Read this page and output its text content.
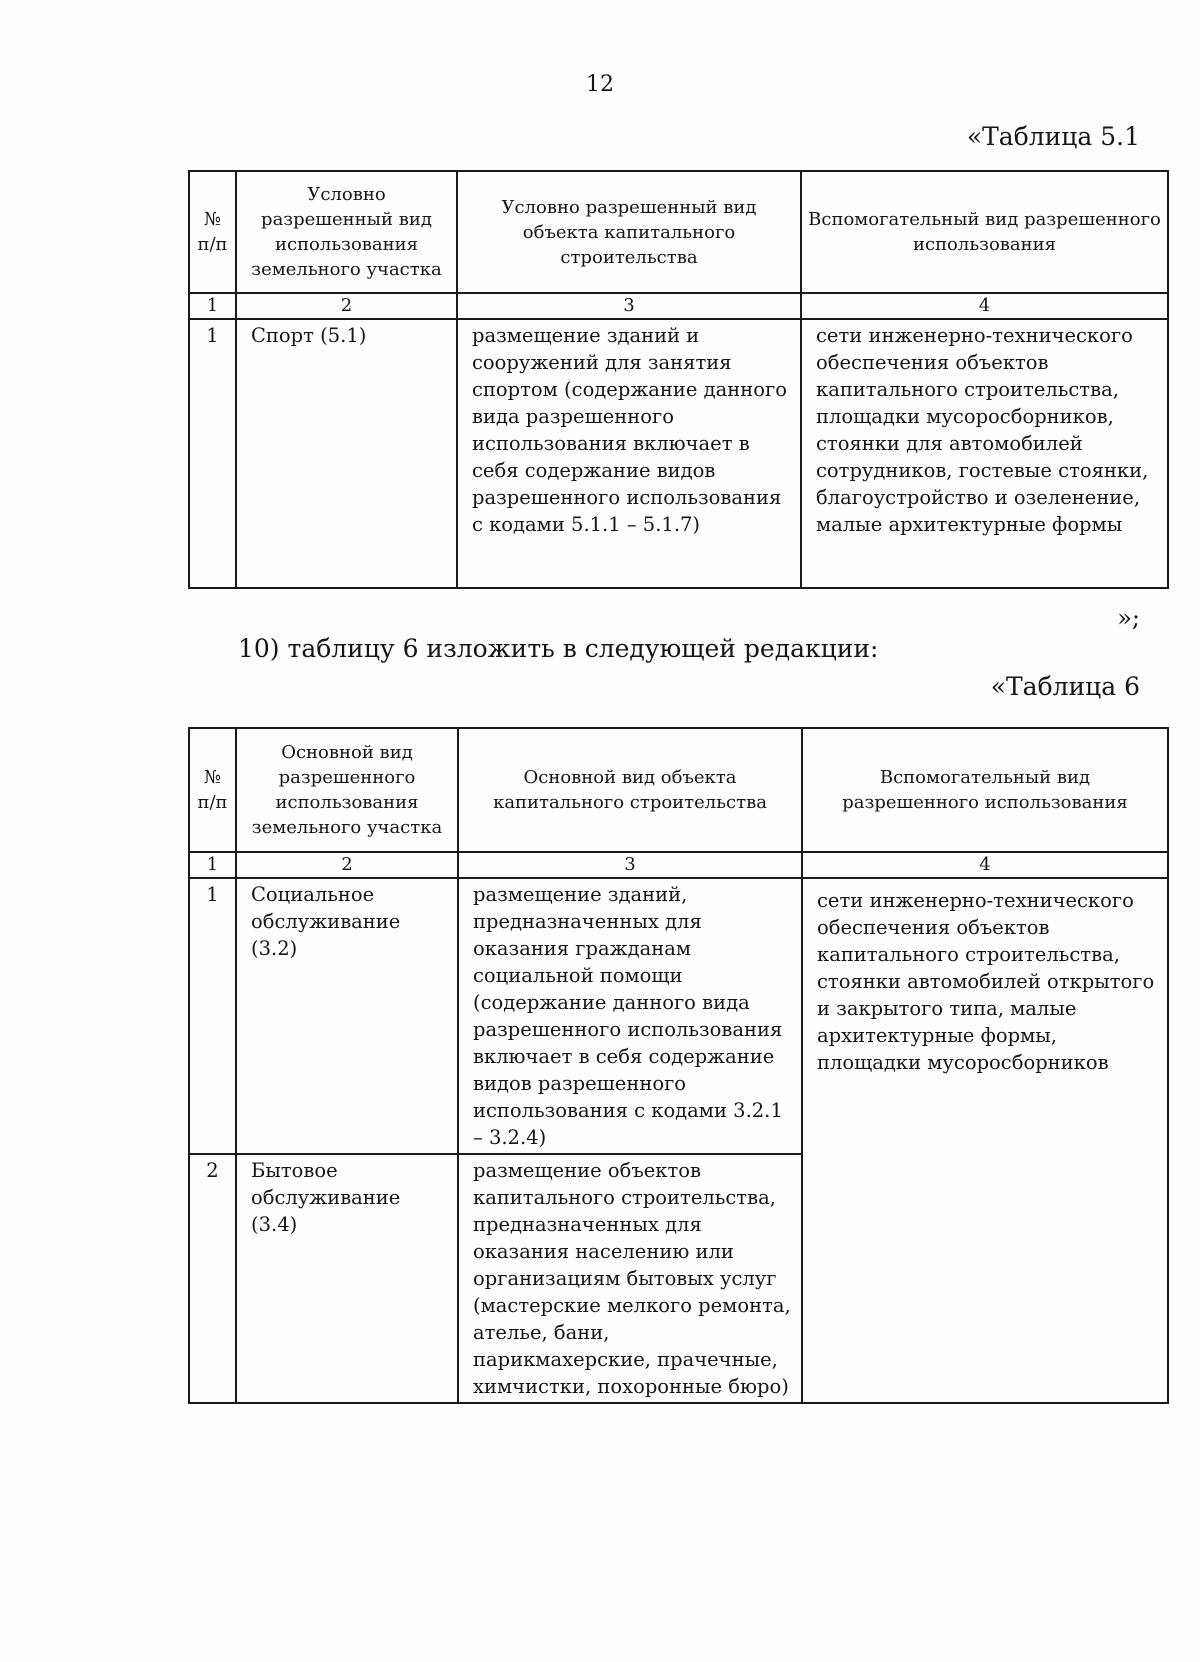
12
«Таблица 5.1
№ п/п	Условно разрешенный вид использования земельного участка	Условно разрешенный вид объекта капитального строительства	Вспомогательный вид разрешенного использования
1	2	3	4
1	Спорт (5.1)	размещение зданий и сооружений для занятия спортом (содержание данного вида разрешенного использования включает в себя содержание видов разрешенного использования с кодами 5.1.1 – 5.1.7)	сети инженерно-технического обеспечения объектов капитального строительства, площадки мусоросборников, стоянки для автомобилей сотрудников, гостевые стоянки, благоустройство и озеленение, малые архитектурные формы
»;
10) таблицу 6 изложить в следующей редакции:
«Таблица 6
№ п/п	Основной вид разрешенного использования земельного участка	Основной вид объекта капитального строительства	Вспомогательный вид разрешенного использования
1	2	3	4
1	Социальное обслуживание (3.2)	размещение зданий, предназначенных для оказания гражданам социальной помощи (содержание данного вида разрешенного использования включает в себя содержание видов разрешенного использования с кодами 3.2.1 – 3.2.4)	сети инженерно-технического обеспечения объектов капитального строительства, стоянки автомобилей открытого и закрытого типа, малые архитектурные формы, площадки мусоросборников
2	Бытовое обслуживание (3.4)	размещение объектов капитального строительства, предназначенных для оказания населению или организациям бытовых услуг (мастерские мелкого ремонта, ателье, бани, парикмахерские, прачечные, химчистки, похоронные бюро)	
